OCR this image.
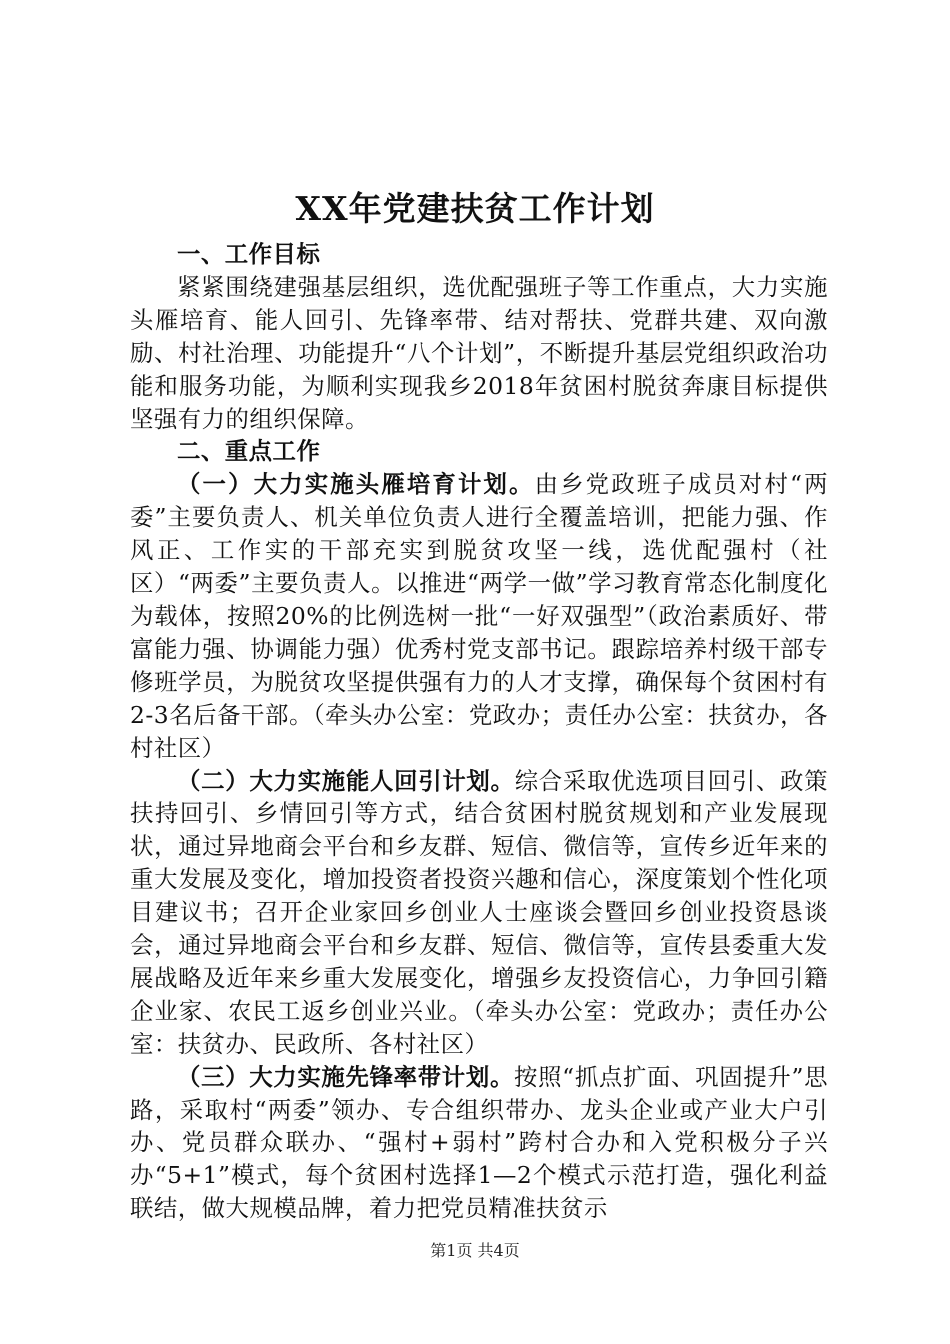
XX年党建扶贫工作计划
一、工作目标

紧紧围绕建强基层组织，选优配强班子等工作重点，大力实施头雁培育、能人回引、先锋率带、结对帮扶、党群共建、双向激励、村社治理、功能提升“八个计划”，不断提升基层党组织政治功能和服务功能，为顺利实现我乡2018年贫困村脱贫奔康目标提供坚强有力的组织保障。

二、重点工作

（一）大力实施头雁培育计划。由乡党政班子成员对村“两委”主要负责人、机关单位负责人进行全覆盖培训，把能力强、作风正、工作实的干部充实到脱贫攻坚一线，选优配强村（社区）“两委”主要负责人。以推进“两学一做”学习教育常态化制度化为载体，按照20%的比例选树一批“一好双强型”（政治素质好、带富能力强、协调能力强）优秀村党支部书记。跟踪培养村级干部专修班学员，为脱贫攻坚提供强有力的人才支撑，确保每个贫困村有2-3名后备干部。（牵头办公室：党政办；责任办公室：扶贫办，各村社区）

（二）大力实施能人回引计划。综合采取优选项目回引、政策扶持回引、乡情回引等方式，结合贫困村脱贫规划和产业发展现状，通过异地商会平台和乡友群、短信、微信等，宣传乡近年来的重大发展及变化，增加投资者投资兴趣和信心，深度策划个性化项目建议书；召开企业家回乡创业人士座谈会暨回乡创业投资恳谈会，通过异地商会平台和乡友群、短信、微信等，宣传县委重大发展战略及近年来乡重大发展变化，增强乡友投资信心，力争回引籍企业家、农民工返乡创业兴业。（牵头办公室：党政办；责任办公室：扶贫办、民政所、各村社区）

（三）大力实施先锋率带计划。按照“抓点扩面、巩固提升”思路，采取村“两委”领办、专合组织带办、龙头企业或产业大户引办、党员群众联办、“强村+弱村”跨村合办和入党积极分子兴办“5+1”模式，每个贫困村选择1—2个模式示范打造，强化利益联结，做大规模品牌，着力把党员精准扶贫示

第1页 共4页
